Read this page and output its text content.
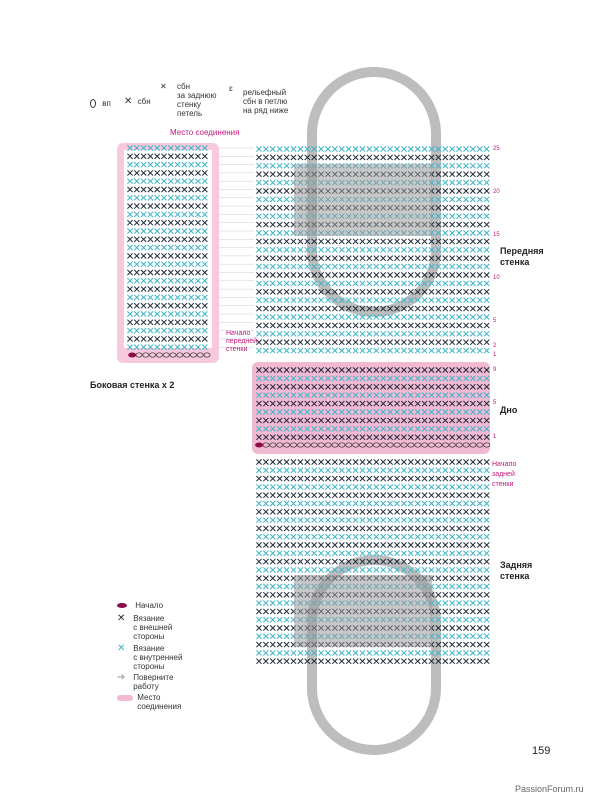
вп ✕ сбн
✕ сбн
за заднюю
стенку
петель
ɛ рельефный
сбн в петлю
на ряд ниже
Место соединения
Боковая стенка x 2
Начало
передней
стенки
Начало
задней
стенки
Передняя
стенка
Дно
Задняя
стенка
25
20
15
10
5
2
1
9
5
1
Начало
✕ Вязание
с внешней
стороны
✕ Вязание
с внутренней
стороны
➜ Поверните
работу

Место
соединения
159
PassionForum.ru
